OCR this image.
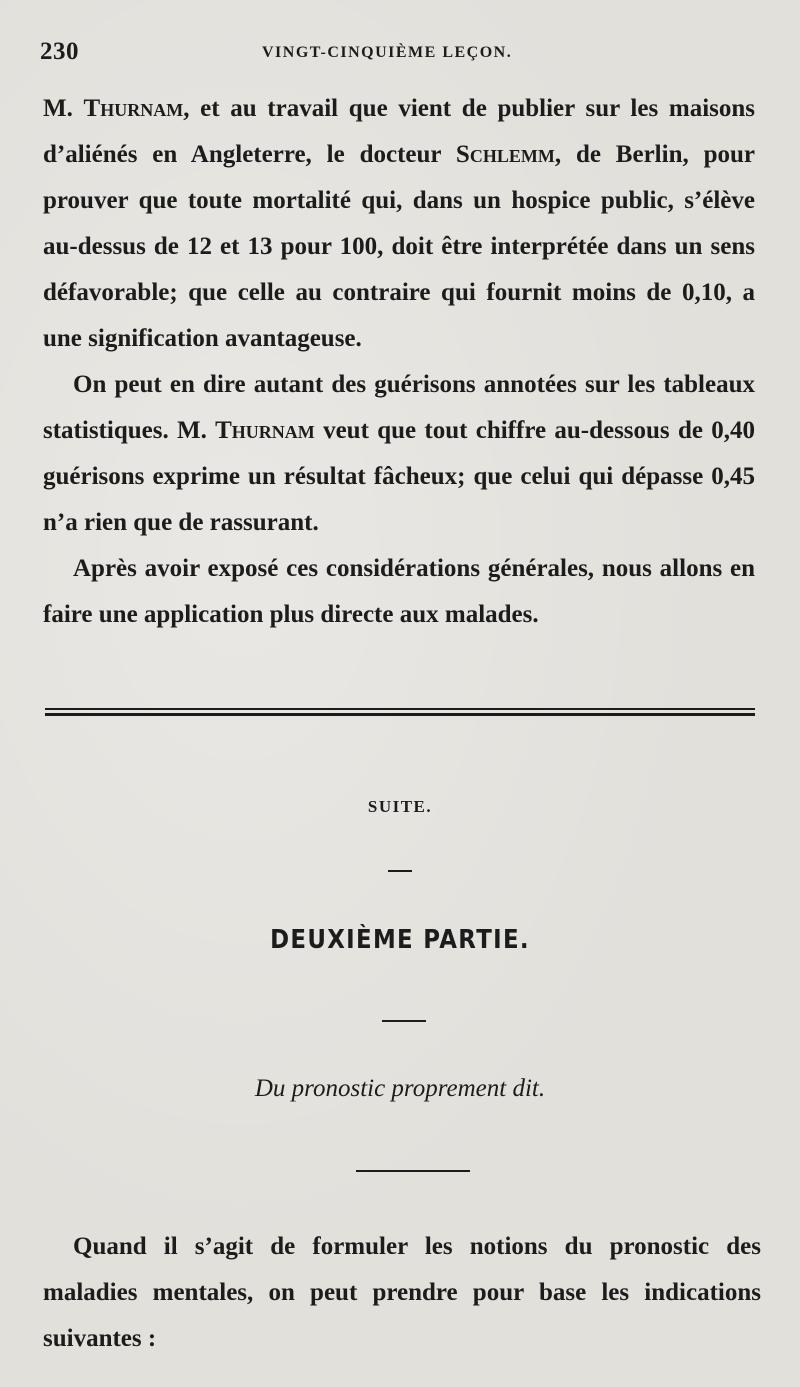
230	VINGT-CINQUIÈME LEÇON.

M. Thurnam, et au travail que vient de publier sur les maisons d’aliénés en Angleterre, le docteur Schlemm, de Berlin, pour prouver que toute mortalité qui, dans un hospice public, s’élève au-dessus de 12 et 13 pour 100, doit être interprétée dans un sens défavorable; que celle au contraire qui fournit moins de 0,10, a une signification avantageuse.

On peut en dire autant des guérisons annotées sur les tableaux statistiques. M. Thurnam veut que tout chiffre au-dessous de 0,40 guérisons exprime un résultat fâcheux; que celui qui dépasse 0,45 n’a rien que de rassurant.

Après avoir exposé ces considérations générales, nous allons en faire une application plus directe aux malades.

SUITE.
DEUXIÈME PARTIE.
Du pronostic proprement dit.

Quand il s’agit de formuler les notions du pronostic des maladies mentales, on peut prendre pour base les indications suivantes :
